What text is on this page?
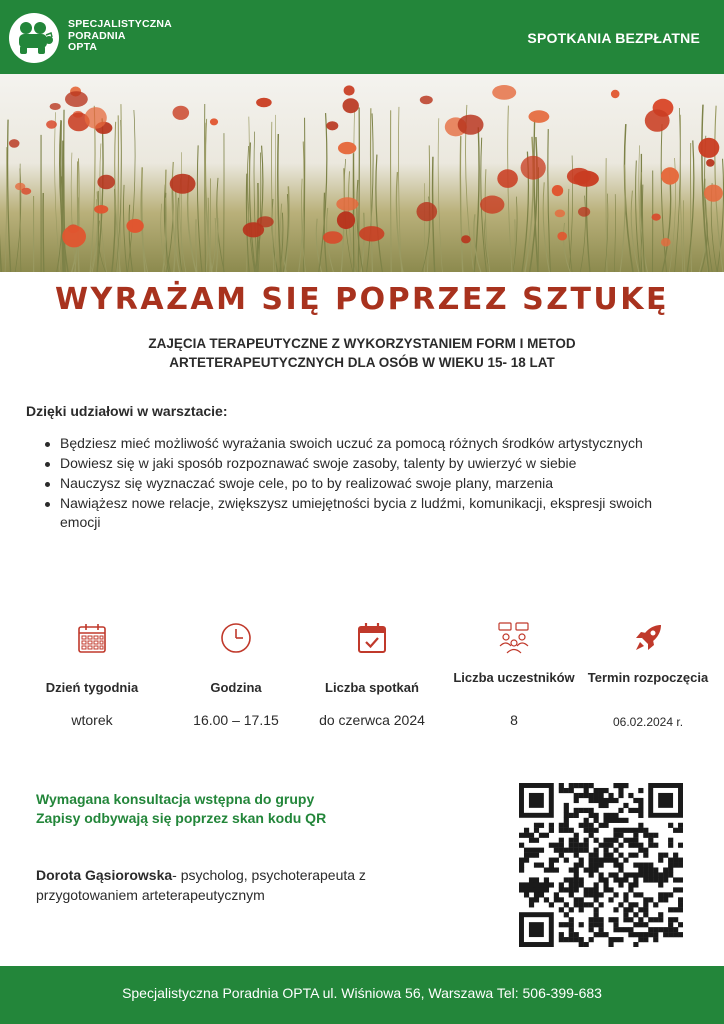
SPECJALISTYCZNA
PORADNIA
OPTA
SPOTKANIA BEZPŁATNE
WYRAŻAM SIĘ POPRZEZ SZTUKĘ
ZAJĘCIA TERAPEUTYCZNE Z WYKORZYSTANIEM FORM I METOD
ARTETERAPEUTYCZNYCH DLA OSÓB W WIEKU 15- 18 LAT
Dzięki udziałowi w warsztacie:
Będziesz mieć możliwość wyrażania swoich uczuć za pomocą różnych środków artystycznych
Dowiesz się w jaki sposób rozpoznawać swoje zasoby, talenty by uwierzyć w siebie
Nauczysz się wyznaczać swoje cele, po to by realizować swoje plany, marzenia
Nawiążesz nowe relacje, zwiększysz umiejętności bycia z ludźmi, komunikacji, ekspresji swoich emocji
Dzień tygodnia
wtorek
Godzina
16.00 – 17.15
Liczba spotkań
do czerwca 2024
Liczba uczestników
8
Termin rozpoczęcia
06.02.2024 r.
Wymagana konsultacja wstępna do grupy
Zapisy odbywają się poprzez skan kodu QR
Dorota Gąsiorowska- psycholog, psychoterapeuta z przygotowaniem arteterapeutycznym
Specjalistyczna Poradnia OPTA ul. Wiśniowa 56, Warszawa Tel: 506-399-683
